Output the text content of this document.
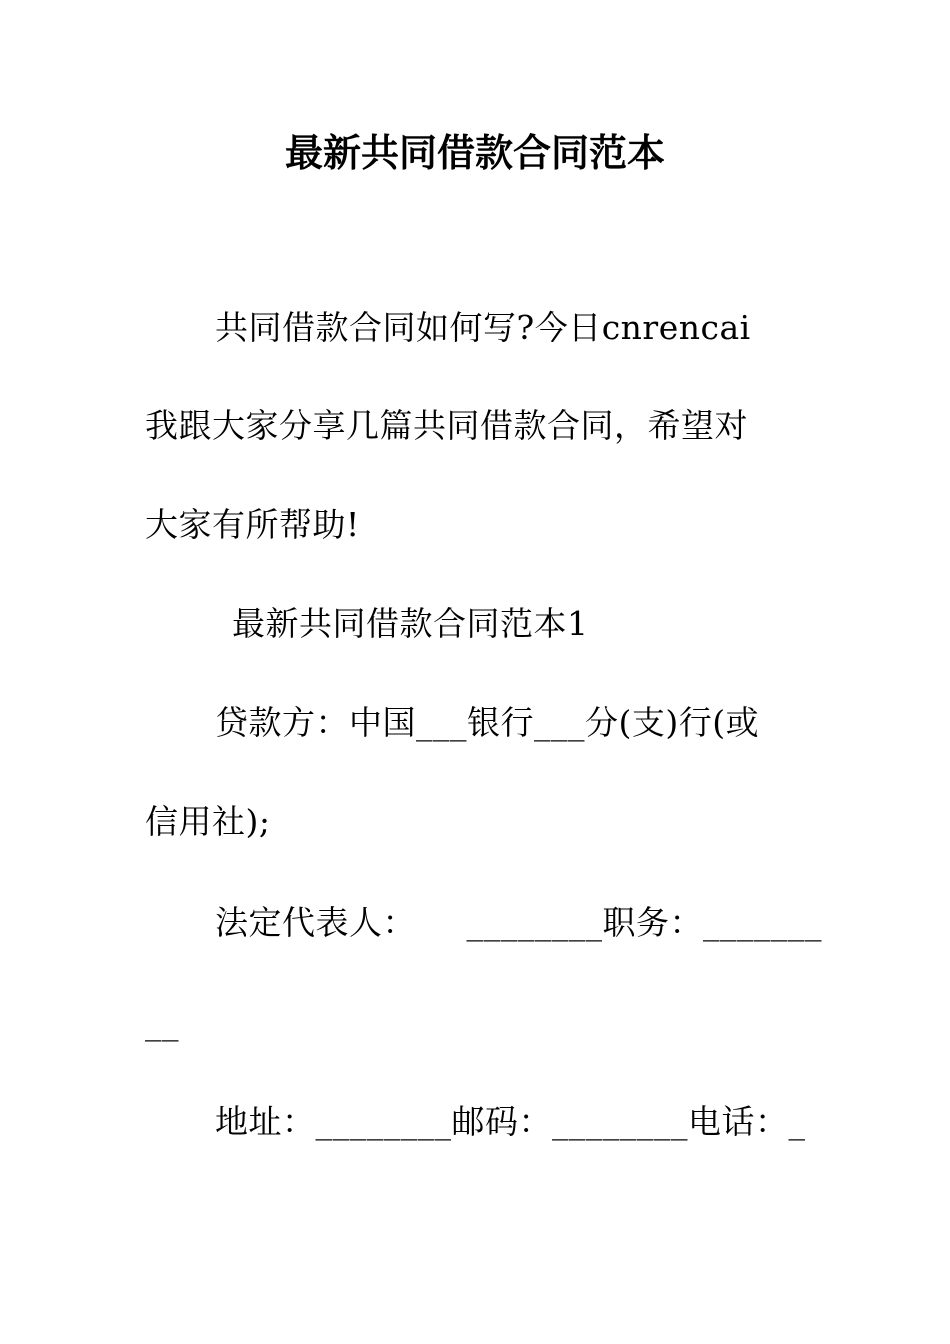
最新共同借款合同范本
共同借款合同如何写?今日cnrencai
我跟大家分享几篇共同借款合同，希望对
大家有所帮助!
最新共同借款合同范本1
贷款方：中国___银行___分(支)行(或
信用社);
法定代表人：　　________职务：_______
__
地址：________邮码：________电话：_
